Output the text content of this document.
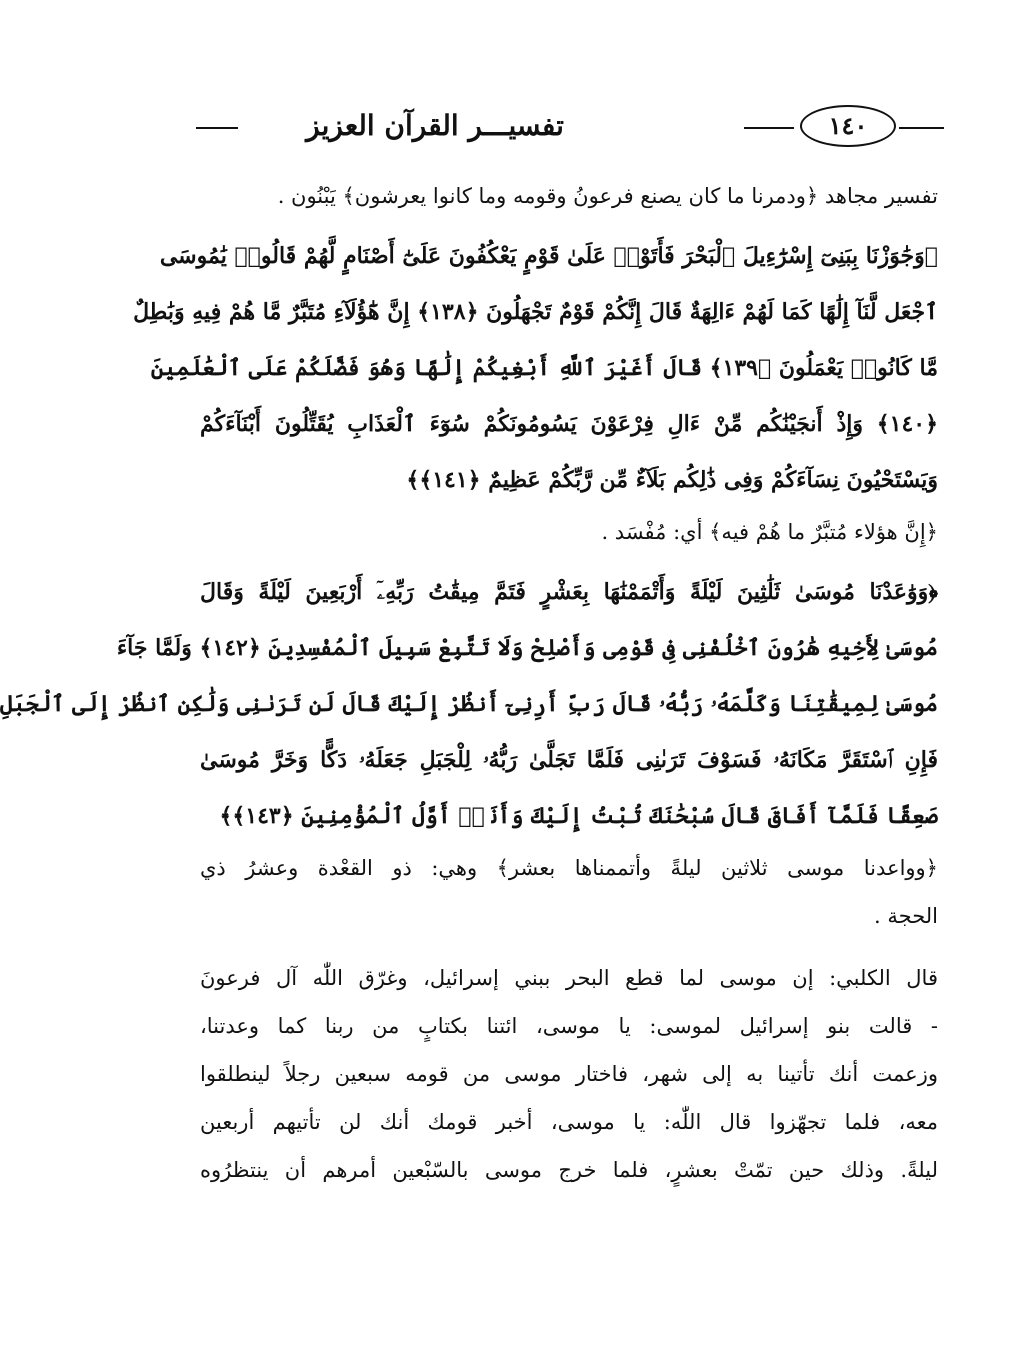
١٤٠
تفسيـــر القرآن العزيز
تفسير مجاهد ﴿ودمرنا ما كان يصنع فرعونُ وقومه وما كانوا يعرشون﴾ يَبْنُون .
﴿وَجَٰوَزْنَا بِبَنِىٓ إِسْرَٰٓءِيلَ ٱلْبَحْرَ فَأَتَوْا۟ عَلَىٰ قَوْمٍ يَعْكُفُونَ عَلَىٰٓ أَصْنَامٍ لَّهُمْ قَالُوا۟ يَٰمُوسَى
ٱجْعَل لَّنَآ إِلَٰهًا كَمَا لَهُمْ ءَالِهَةٌ قَالَ إِنَّكُمْ قَوْمٌ تَجْهَلُونَ ﴿١٣٨﴾ إِنَّ هَٰٓؤُلَآءِ مُتَبَّرٌ مَّا هُمْ فِيهِ وَبَٰطِلٌ
مَّا كَانُوا۟ يَعْمَلُونَ ﴿١٣٩﴾ قَالَ أَغَيْرَ ٱللَّهِ أَبْغِيكُمْ إِلَٰهًا وَهُوَ فَضَّلَكُمْ عَلَى ٱلْعَٰلَمِينَ
﴿١٤٠﴾ وَإِذْ أَنجَيْنَٰكُم مِّنْ ءَالِ فِرْعَوْنَ يَسُومُونَكُمْ سُوٓءَ ٱلْعَذَابِ يُقَتِّلُونَ أَبْنَآءَكُمْ
وَيَسْتَحْيُونَ نِسَآءَكُمْ وَفِى ذَٰلِكُم بَلَآءٌ مِّن رَّبِّكُمْ عَظِيمٌ ﴿١٤١﴾﴾
﴿إِنَّ هؤلاء مُتبَّرٌ ما هُمْ فيه﴾ أي: مُفْسَد .
﴿وَوَٰعَدْنَا مُوسَىٰ ثَلَٰثِينَ لَيْلَةً وَأَتْمَمْنَٰهَا بِعَشْرٍ فَتَمَّ مِيقَٰتُ رَبِّهِۦٓ أَرْبَعِينَ لَيْلَةً وَقَالَ
مُوسَىٰ لِأَخِيهِ هَٰرُونَ ٱخْلُفْنِى فِى قَوْمِى وَأَصْلِحْ وَلَا تَتَّبِعْ سَبِيلَ ٱلْمُفْسِدِينَ ﴿١٤٢﴾ وَلَمَّا جَآءَ
مُوسَىٰ لِمِيقَٰتِنَا وَكَلَّمَهُۥ رَبُّهُۥ قَالَ رَبِّ أَرِنِىٓ أَنظُرْ إِلَيْكَ قَالَ لَن تَرَىٰنِى وَلَٰكِنِ ٱنظُرْ إِلَى ٱلْجَبَلِ
فَإِنِ ٱسْتَقَرَّ مَكَانَهُۥ فَسَوْفَ تَرَىٰنِى فَلَمَّا تَجَلَّىٰ رَبُّهُۥ لِلْجَبَلِ جَعَلَهُۥ دَكًّا وَخَرَّ مُوسَىٰ
صَعِقًا فَلَمَّآ أَفَاقَ قَالَ سُبْحَٰنَكَ تُبْتُ إِلَيْكَ وَأَنَا۠ أَوَّلُ ٱلْمُؤْمِنِينَ ﴿١٤٣﴾﴾
﴿وواعدنا موسى ثلاثين ليلةً وأتممناها بعشر﴾ وهي: ذو القعْدة وعشرُ ذي
الحجة .
قال الكلبي: إن موسى لما قطع البحر ببني إسرائيل، وغرّق اللّٰه آل فرعونَ
- قالت بنو إسرائيل لموسى: يا موسى، ائتنا بكتابٍ من ربنا كما وعدتنا،
وزعمت أنك تأتينا به إلى شهر، فاختار موسى من قومه سبعين رجلاً لينطلقوا
معه، فلما تجهّزوا قال اللّٰه: يا موسى، أخبر قومك أنك لن تأتيهم أربعين
ليلةً. وذلك حين تمّتْ بعشرٍ، فلما خرج موسى بالسّبْعين أمرهم أن ينتظرُوه
